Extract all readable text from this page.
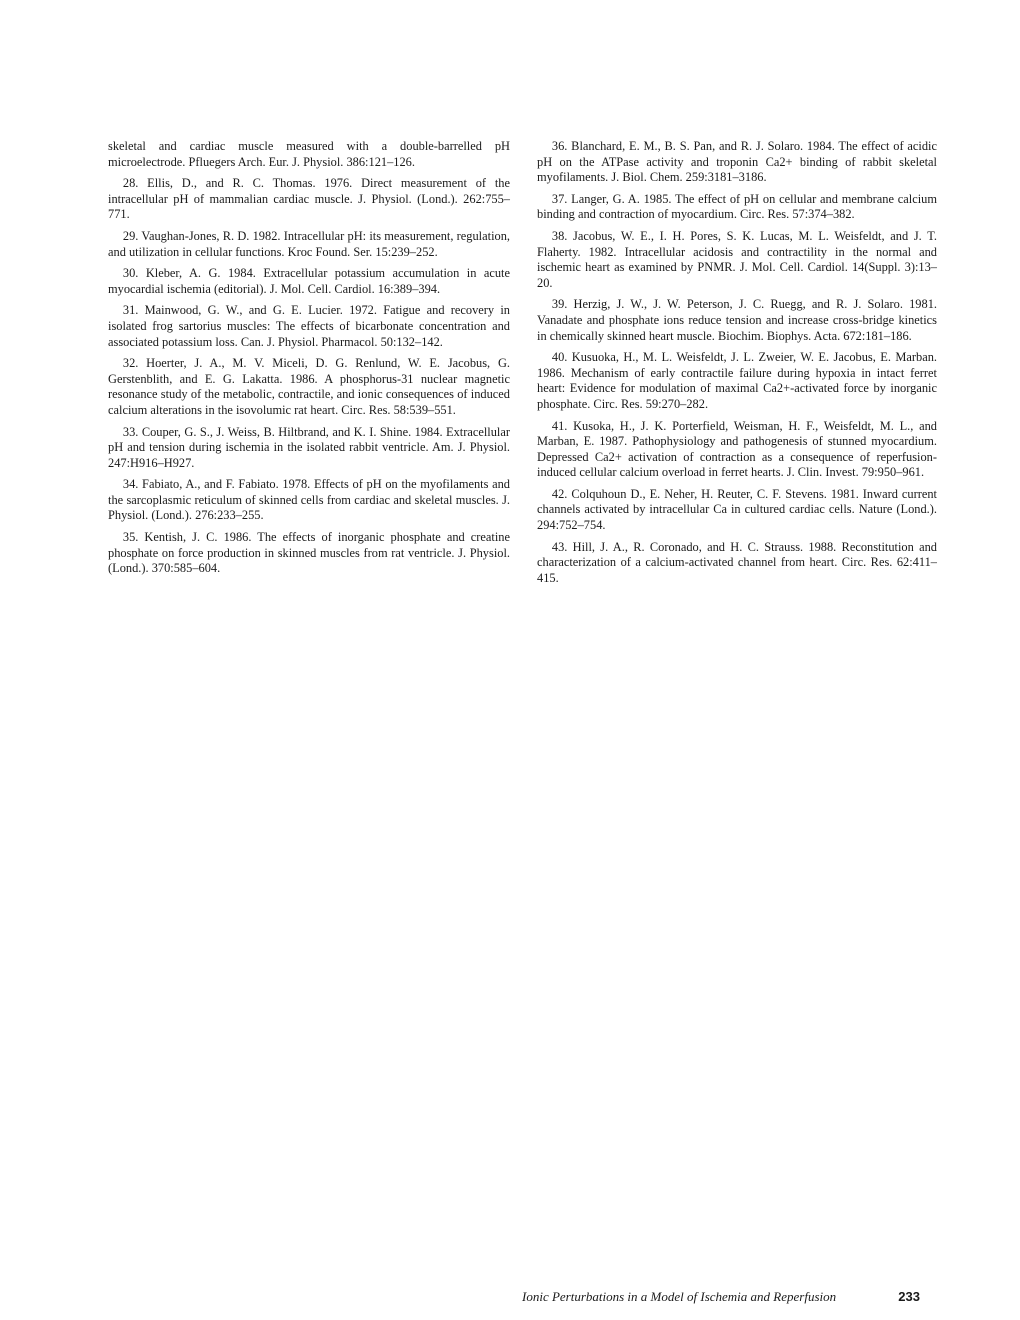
skeletal and cardiac muscle measured with a double-barrelled pH microelectrode. Pfluegers Arch. Eur. J. Physiol. 386:121–126.

28. Ellis, D., and R. C. Thomas. 1976. Direct measurement of the intracellular pH of mammalian cardiac muscle. J. Physiol. (Lond.). 262:755–771.

29. Vaughan-Jones, R. D. 1982. Intracellular pH: its measurement, regulation, and utilization in cellular functions. Kroc Found. Ser. 15:239–252.

30. Kleber, A. G. 1984. Extracellular potassium accumulation in acute myocardial ischemia (editorial). J. Mol. Cell. Cardiol. 16:389–394.

31. Mainwood, G. W., and G. E. Lucier. 1972. Fatigue and recovery in isolated frog sartorius muscles: The effects of bicarbonate concentration and associated potassium loss. Can. J. Physiol. Pharmacol. 50:132–142.

32. Hoerter, J. A., M. V. Miceli, D. G. Renlund, W. E. Jacobus, G. Gerstenblith, and E. G. Lakatta. 1986. A phosphorus-31 nuclear magnetic resonance study of the metabolic, contractile, and ionic consequences of induced calcium alterations in the isovolumic rat heart. Circ. Res. 58:539–551.

33. Couper, G. S., J. Weiss, B. Hiltbrand, and K. I. Shine. 1984. Extracellular pH and tension during ischemia in the isolated rabbit ventricle. Am. J. Physiol. 247:H916–H927.

34. Fabiato, A., and F. Fabiato. 1978. Effects of pH on the myofilaments and the sarcoplasmic reticulum of skinned cells from cardiac and skeletal muscles. J. Physiol. (Lond.). 276:233–255.

35. Kentish, J. C. 1986. The effects of inorganic phosphate and creatine phosphate on force production in skinned muscles from rat ventricle. J. Physiol. (Lond.). 370:585–604.

36. Blanchard, E. M., B. S. Pan, and R. J. Solaro. 1984. The effect of acidic pH on the ATPase activity and troponin Ca2+ binding of rabbit skeletal myofilaments. J. Biol. Chem. 259:3181–3186.

37. Langer, G. A. 1985. The effect of pH on cellular and membrane calcium binding and contraction of myocardium. Circ. Res. 57:374–382.

38. Jacobus, W. E., I. H. Pores, S. K. Lucas, M. L. Weisfeldt, and J. T. Flaherty. 1982. Intracellular acidosis and contractility in the normal and ischemic heart as examined by PNMR. J. Mol. Cell. Cardiol. 14(Suppl. 3):13–20.

39. Herzig, J. W., J. W. Peterson, J. C. Ruegg, and R. J. Solaro. 1981. Vanadate and phosphate ions reduce tension and increase cross-bridge kinetics in chemically skinned heart muscle. Biochim. Biophys. Acta. 672:181–186.

40. Kusuoka, H., M. L. Weisfeldt, J. L. Zweier, W. E. Jacobus, E. Marban. 1986. Mechanism of early contractile failure during hypoxia in intact ferret heart: Evidence for modulation of maximal Ca2+-activated force by inorganic phosphate. Circ. Res. 59:270–282.

41. Kusoka, H., J. K. Porterfield, Weisman, H. F., Weisfeldt, M. L., and Marban, E. 1987. Pathophysiology and pathogenesis of stunned myocardium. Depressed Ca2+ activation of contraction as a consequence of reperfusion-induced cellular calcium overload in ferret hearts. J. Clin. Invest. 79:950–961.

42. Colquhoun D., E. Neher, H. Reuter, C. F. Stevens. 1981. Inward current channels activated by intracellular Ca in cultured cardiac cells. Nature (Lond.). 294:752–754.

43. Hill, J. A., R. Coronado, and H. C. Strauss. 1988. Reconstitution and characterization of a calcium-activated channel from heart. Circ. Res. 62:411–415.

Ionic Perturbations in a Model of Ischemia and Reperfusion	233
